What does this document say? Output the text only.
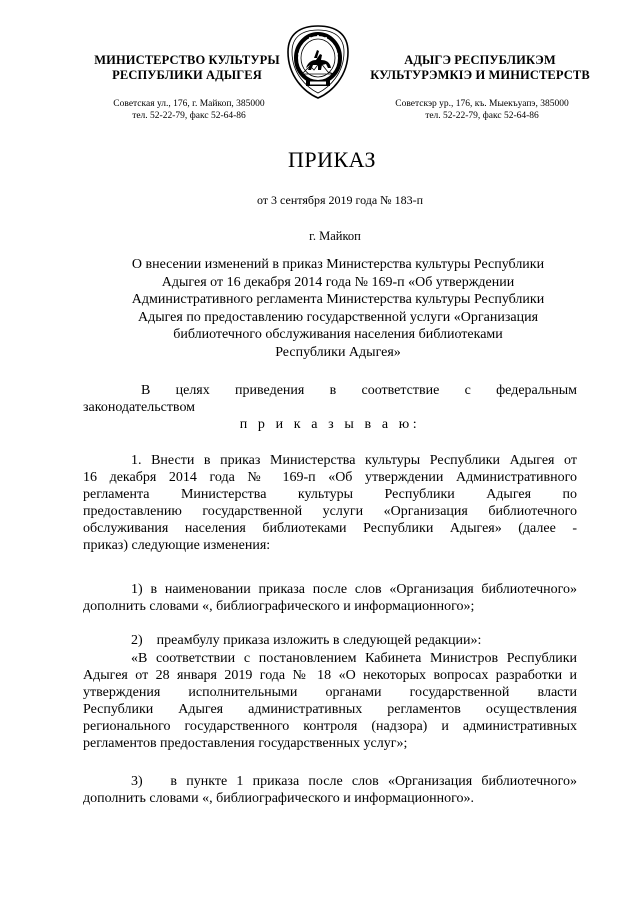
МИНИСТЕРСТВО КУЛЬТУРЫ
РЕСПУБЛИКИ АДЫГЕЯ
АДЫГЭ РЕСПУБЛИКЭМ
КУЛЬТУРЭМКIЭ И МИНИСТЕРСТВ
Советская ул., 176, г. Майкоп, 385000
тел. 52-22-79, факс 52-64-86
Советскэр ур., 176, къ. Мыекъуапэ, 385000
тел. 52-22-79, факс 52-64-86
ПРИКАЗ
от 3 сентября 2019 года № 183-п
г. Майкоп
О внесении изменений в приказ Министерства культуры Республики
Адыгея от 16 декабря 2014 года № 169-п «Об утверждении
Административного регламента Министерства культуры Республики
Адыгея по предоставлению государственной услуги «Организация
библиотечного обслуживания населения библиотеками
Республики Адыгея»
В целях приведения в соответствие с федеральным
законодательством
п р и к а з ы в а ю:
1. Внести в приказ Министерства культуры Республики Адыгея от
16 декабря 2014 года № 169-п «Об утверждении Административного
регламента Министерства культуры Республики Адыгея по
предоставлению государственной услуги «Организация библиотечного
обслуживания населения библиотеками Республики Адыгея» (далее -
приказ) следующие изменения:
1) в наименовании приказа после слов «Организация библиотечного»
дополнить словами «, библиографического и информационного»;
2)    преамбулу приказа изложить в следующей редакции»:
«В соответствии с постановлением Кабинета Министров Республики
Адыгея от 28 января 2019 года № 18 «О некоторых вопросах разработки и
утверждения исполнительными органами государственной власти
Республики Адыгея административных регламентов осуществления
регионального государственного контроля (надзора) и административных
регламентов предоставления государственных услуг»;
3)   в пункте 1 приказа после слов «Организация библиотечного»
дополнить словами «, библиографического и информационного».
